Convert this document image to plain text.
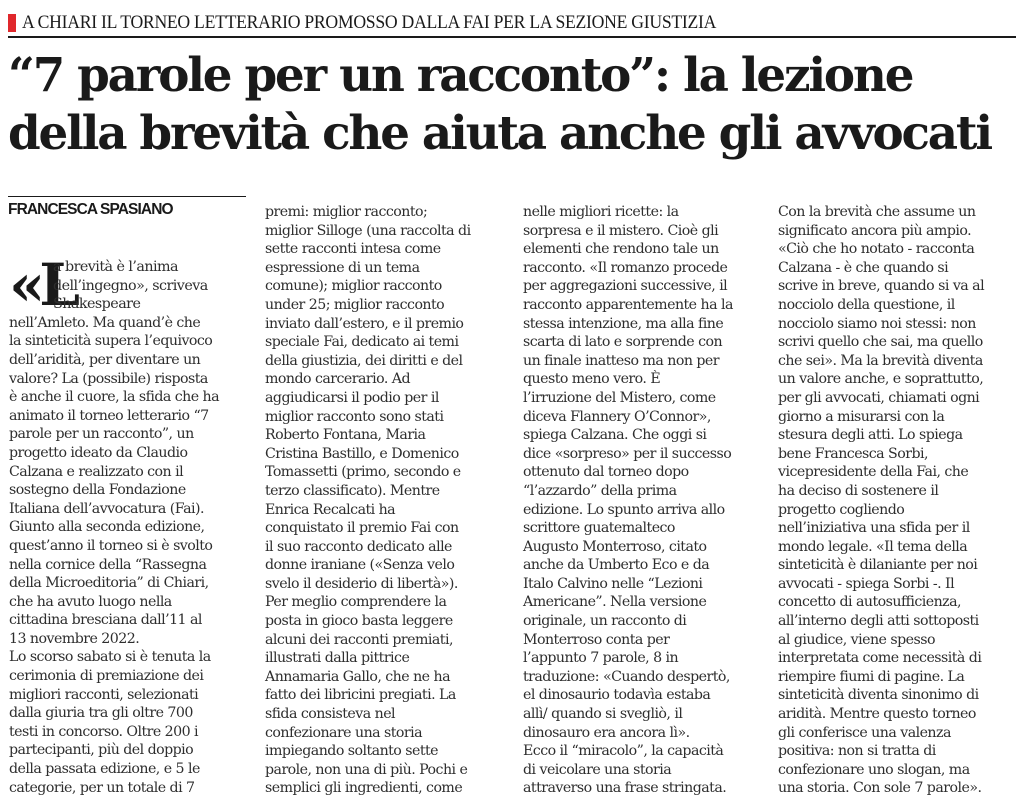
A CHIARI IL TORNEO LETTERARIO PROMOSSO DALLA FAI PER LA SEZIONE GIUSTIZIA
“7 parole per un racconto”: la lezione
della brevità che aiuta anche gli avvocati
FRANCESCA SPASIANO
«L
a brevità è l’anima
dell’ingegno», scriveva
Shakespeare
nell’Amleto. Ma quand’è che
la sinteticità supera l’equivoco
dell’aridità, per diventare un
valore? La (possibile) risposta
è anche il cuore, la sfida che ha
animato il torneo letterario “7
parole per un racconto”, un
progetto ideato da Claudio
Calzana e realizzato con il
sostegno della Fondazione
Italiana dell’avvocatura (Fai).
Giunto alla seconda edizione,
quest’anno il torneo si è svolto
nella cornice della “Rassegna
della Microeditoria” di Chiari,
che ha avuto luogo nella
cittadina bresciana dall’11 al
13 novembre 2022.
Lo scorso sabato si è tenuta la
cerimonia di premiazione dei
migliori racconti, selezionati
dalla giuria tra gli oltre 700
testi in concorso. Oltre 200 i
partecipanti, più del doppio
della passata edizione, e 5 le
categorie, per un totale di 7
premi: miglior racconto;
miglior Silloge (una raccolta di
sette racconti intesa come
espressione di un tema
comune); miglior racconto
under 25; miglior racconto
inviato dall’estero, e il premio
speciale Fai, dedicato ai temi
della giustizia, dei diritti e del
mondo carcerario. Ad
aggiudicarsi il podio per il
miglior racconto sono stati
Roberto Fontana, Maria
Cristina Bastillo, e Domenico
Tomassetti (primo, secondo e
terzo classificato). Mentre
Enrica Recalcati ha
conquistato il premio Fai con
il suo racconto dedicato alle
donne iraniane («Senza velo
svelo il desiderio di libertà»).
Per meglio comprendere la
posta in gioco basta leggere
alcuni dei racconti premiati,
illustrati dalla pittrice
Annamaria Gallo, che ne ha
fatto dei libricini pregiati. La
sfida consisteva nel
confezionare una storia
impiegando soltanto sette
parole, non una di più. Pochi e
semplici gli ingredienti, come
nelle migliori ricette: la
sorpresa e il mistero. Cioè gli
elementi che rendono tale un
racconto. «Il romanzo procede
per aggregazioni successive, il
racconto apparentemente ha la
stessa intenzione, ma alla fine
scarta di lato e sorprende con
un finale inatteso ma non per
questo meno vero. È
l’irruzione del Mistero, come
diceva Flannery O’Connor»,
spiega Calzana. Che oggi si
dice «sorpreso» per il successo
ottenuto dal torneo dopo
“l’azzardo” della prima
edizione. Lo spunto arriva allo
scrittore guatemalteco
Augusto Monterroso, citato
anche da Umberto Eco e da
Italo Calvino nelle “Lezioni
Americane”. Nella versione
originale, un racconto di
Monterroso conta per
l’appunto 7 parole, 8 in
traduzione: «Cuando despertò,
el dinosaurio todavìa estaba
allì/ quando si svegliò, il
dinosauro era ancora lì».
Ecco il “miracolo”, la capacità
di veicolare una storia
attraverso una frase stringata.
Con la brevità che assume un
significato ancora più ampio.
«Ciò che ho notato - racconta
Calzana - è che quando si
scrive in breve, quando si va al
nocciolo della questione, il
nocciolo siamo noi stessi: non
scrivi quello che sai, ma quello
che sei». Ma la brevità diventa
un valore anche, e soprattutto,
per gli avvocati, chiamati ogni
giorno a misurarsi con la
stesura degli atti. Lo spiega
bene Francesca Sorbi,
vicepresidente della Fai, che
ha deciso di sostenere il
progetto cogliendo
nell’iniziativa una sfida per il
mondo legale. «Il tema della
sinteticità è dilaniante per noi
avvocati - spiega Sorbi -. Il
concetto di autosufficienza,
all’interno degli atti sottoposti
al giudice, viene spesso
interpretata come necessità di
riempire fiumi di pagine. La
sinteticità diventa sinonimo di
aridità. Mentre questo torneo
gli conferisce una valenza
positiva: non si tratta di
confezionare uno slogan, ma
una storia. Con sole 7 parole».
